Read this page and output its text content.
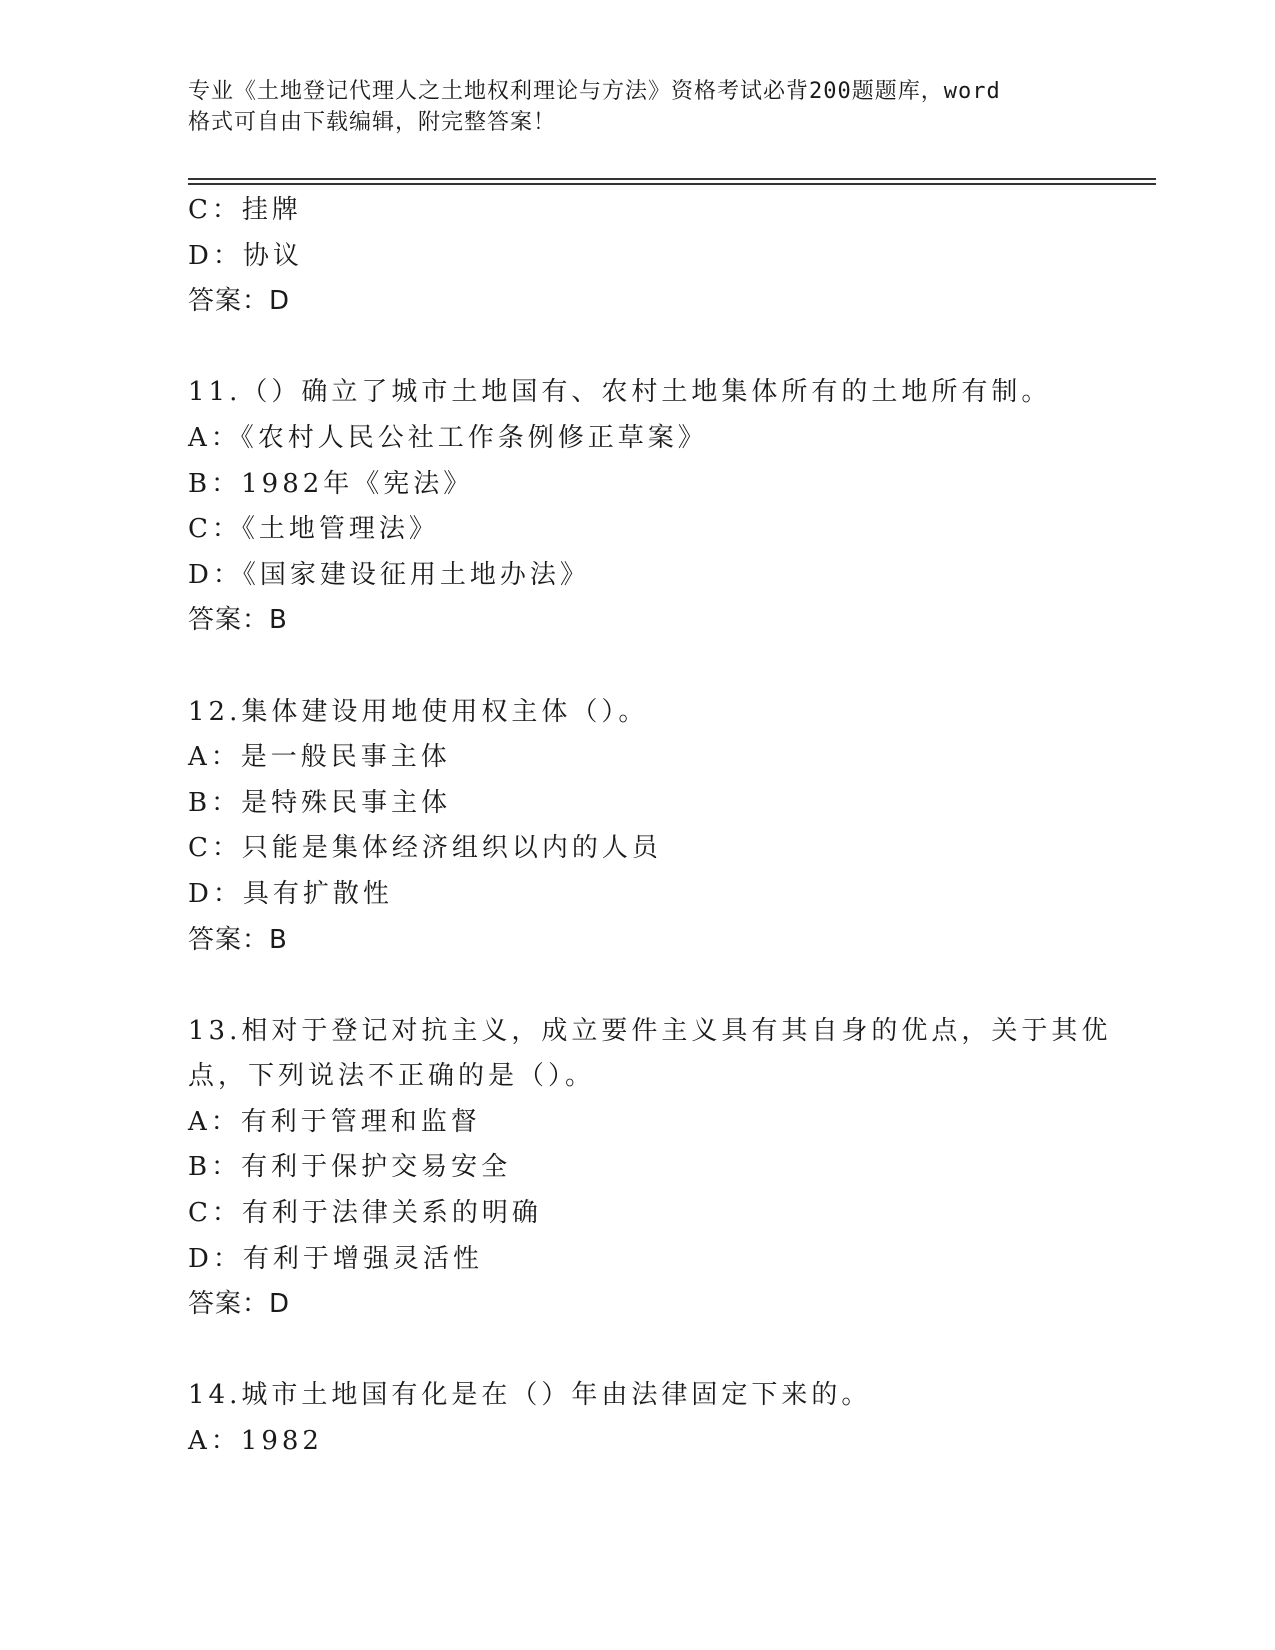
专业《土地登记代理人之土地权利理论与方法》资格考试必背200题题库，word
格式可自由下载编辑，附完整答案！
C：挂牌
D：协议
答案：D
11.（）确立了城市土地国有、农村土地集体所有的土地所有制。
A：《农村人民公社工作条例修正草案》
B：1982年《宪法》
C：《土地管理法》
D：《国家建设征用土地办法》
答案：B
12.集体建设用地使用权主体（）。
A：是一般民事主体
B：是特殊民事主体
C：只能是集体经济组织以内的人员
D：具有扩散性
答案：B
13.相对于登记对抗主义，成立要件主义具有其自身的优点，关于其优
点，下列说法不正确的是（）。
A：有利于管理和监督
B：有利于保护交易安全
C：有利于法律关系的明确
D：有利于增强灵活性
答案：D
14.城市土地国有化是在（）年由法律固定下来的。
A：1982
